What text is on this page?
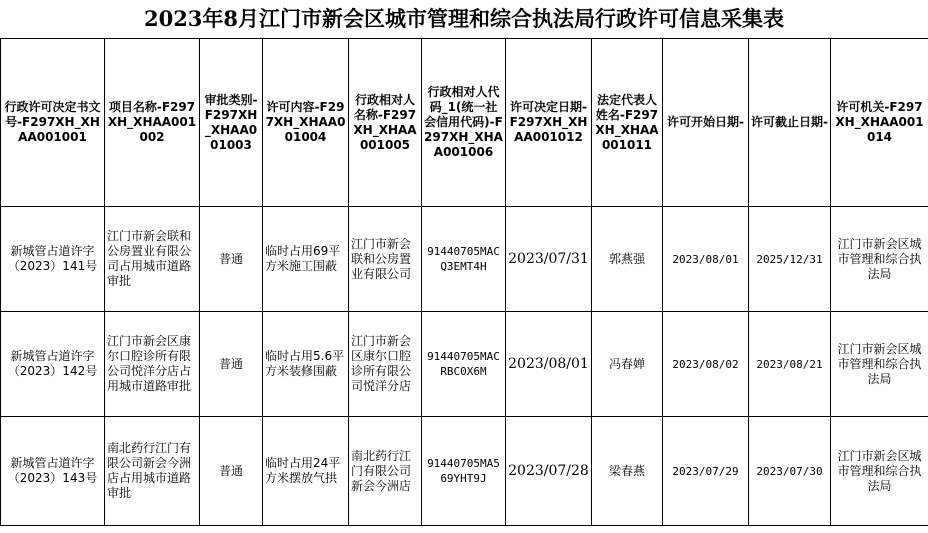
2023年8月江门市新会区城市管理和综合执法局行政许可信息采集表
行政许可决定书文号-F297XH_XHAA001001	项目名称-F297XH_XHAA001002	审批类别-F297XH_XHAA001003	许可内容-F297XH_XHAA001004	行政相对人名称-F297XH_XHAA001005	行政相对人代码_1(统一社会信用代码)-F297XH_XHAA001006	许可决定日期-F297XH_XHAA001012	法定代表人姓名-F297XH_XHAA001011	许可开始日期-	许可截止日期-	许可机关-F297XH_XHAA001014
新城管占道许字（2023）141号	江门市新会联和公房置业有限公司占用城市道路审批	普通	临时占用69平方米施工围蔽	江门市新会联和公房置业有限公司	91440705MACQ3EMT4H	2023/07/31	郭燕强	2023/08/01	2025/12/31	江门市新会区城市管理和综合执法局
新城管占道许字（2023）142号	江门市新会区康尔口腔诊所有限公司悦洋分店占用城市道路审批	普通	临时占用5.6平方米装修围蔽	江门市新会区康尔口腔诊所有限公司悦洋分店	91440705MACRBC0X6M	2023/08/01	冯春婵	2023/08/02	2023/08/21	江门市新会区城市管理和综合执法局
新城管占道许字（2023）143号	南北药行江门有限公司新会今洲店占用城市道路审批	普通	临时占用24平方米摆放气拱	南北药行江门有限公司新会今洲店	91440705MA569YHT9J	2023/07/28	梁春燕	2023/07/29	2023/07/30	江门市新会区城市管理和综合执法局
